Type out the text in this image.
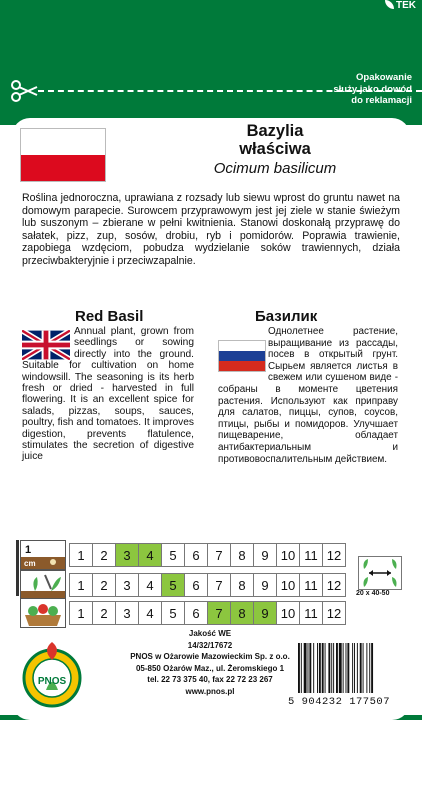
TEK
Opakowanie
służy jako dowód
do reklamacji
Bazylia
właściwa
Ocimum basilicum
Roślina jednoroczna, uprawiana z rozsady lub siewu wprost do gruntu nawet na domowym parapecie. Surowcem przyprawowym jest jej ziele w stanie świeżym lub suszonym – zbierane w pełni kwitnienia. Stanowi doskonałą przyprawę do sałatek, pizz, zup, sosów, drobiu, ryb i pomidorów. Poprawia trawienie, zapobiega wzdęciom, pobudza wydzielanie soków trawiennych, działa przeciwbakteryjnie i przeciwzapalnie.
Red Basil	Базилик
Annual plant, grown from seedlings or sowing directly into the ground. Suitable for cultivation on home windowsill. The seasoning is its herb fresh or dried - harvested in full flowering. It is an excellent spice for salads, pizzas, soups, sauces, poultry, fish and tomatoes. It improves digestion, prevents flatulence, stimulates the secretion of digestive juice
Однолетнее растение, выращивание из рассады, посев в открытый грунт. Сырьем является листья в свежем или сушеном виде - собраны в моменте цветения растения. Используют как приправу для салатов, пиццы, супов, соусов, птицы, рыбы и помидоров. Улучшает пищеварение, обладает антибактериальным и противовоспалительным действием.
1
cm
1	2	3	4	5	6	7	8	9 10 11 12
1	2	3	4	5	6	7	8	9 10 11 12
1	2	3	4	5	6	7	8	9 10 11 12
20 x 40-50
PNOS
Jakość WE
14/32/17672
PNOS w Ożarowie Mazowieckim Sp. z o.o.
05-850 Ożarów Maz., ul. Żeromskiego 1
tel. 22 73 375 40, fax 22 72 23 267
www.pnos.pl
5 904232 177507
